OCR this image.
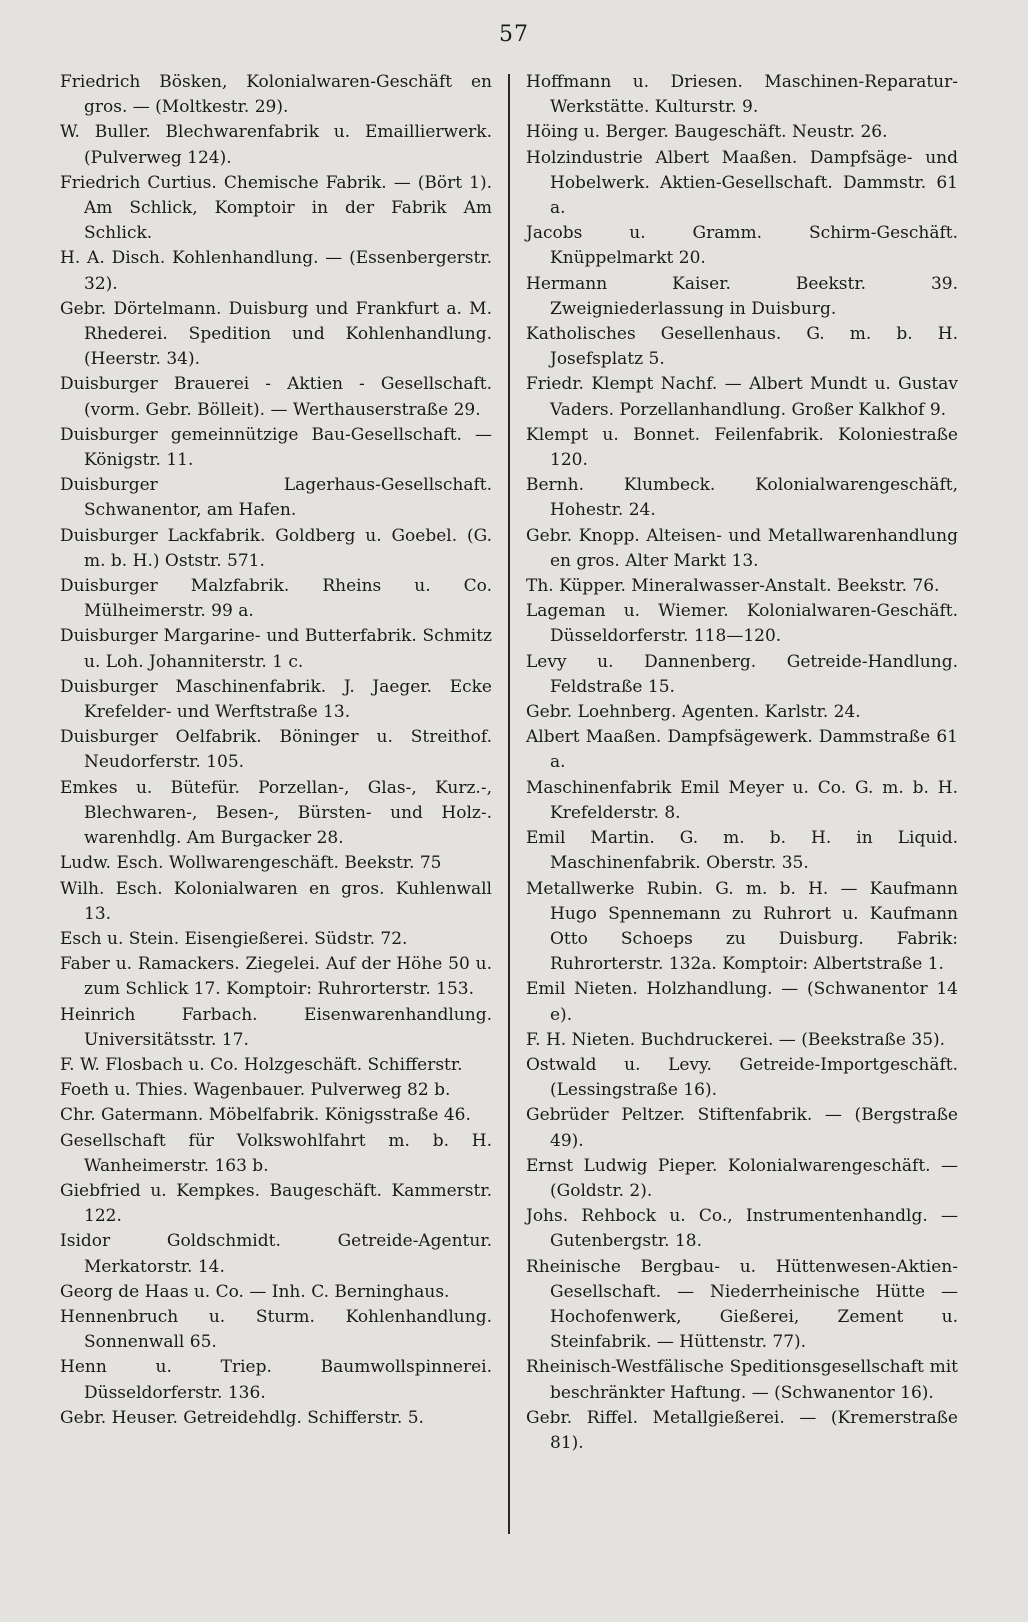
57

Friedrich Bösken, Kolonialwaren-Geschäft en gros. — (Moltkestr. 29).

W. Buller. Blechwarenfabrik u. Emaillierwerk. (Pulverweg 124).

Friedrich Curtius. Chemische Fabrik. — (Bört 1). Am Schlick, Komptoir in der Fabrik Am Schlick.

H. A. Disch. Kohlenhandlung. — (Essenbergerstr. 32).

Gebr. Dörtelmann. Duisburg und Frankfurt a. M. Rhederei. Spedition und Kohlenhandlung. (Heerstr. 34).

Duisburger Brauerei - Aktien - Gesellschaft. (vorm. Gebr. Bölleit). — Werthauserstraße 29.

Duisburger gemeinnützige Bau-Gesellschaft. — Königstr. 11.

Duisburger Lagerhaus-Gesellschaft. Schwanentor, am Hafen.

Duisburger Lackfabrik. Goldberg u. Goebel. (G. m. b. H.) Oststr. 571.

Duisburger Malzfabrik. Rheins u. Co. Mülheimerstr. 99 a.

Duisburger Margarine- und Butterfabrik. Schmitz u. Loh. Johanniterstr. 1 c.

Duisburger Maschinenfabrik. J. Jaeger. Ecke Krefelder- und Werftstraße 13.

Duisburger Oelfabrik. Böninger u. Streithof. Neudorferstr. 105.

Emkes u. Bütefür. Porzellan-, Glas-, Kurz.-, Blechwaren-, Besen-, Bürsten- und Holz-. warenhdlg. Am Burgacker 28.

Ludw. Esch. Wollwarengeschäft. Beekstr. 75

Wilh. Esch. Kolonialwaren en gros. Kuhlenwall 13.

Esch u. Stein. Eisengießerei. Südstr. 72.

Faber u. Ramackers. Ziegelei. Auf der Höhe 50 u. zum Schlick 17. Komptoir: Ruhrorterstr. 153.

Heinrich Farbach. Eisenwarenhandlung. Universitätsstr. 17.

F. W. Flosbach u. Co. Holzgeschäft. Schifferstr.

Foeth u. Thies. Wagenbauer. Pulverweg 82 b.

Chr. Gatermann. Möbelfabrik. Königsstraße 46.

Gesellschaft für Volkswohlfahrt m. b. H. Wanheimerstr. 163 b.

Giebfried u. Kempkes. Baugeschäft. Kammerstr. 122.

Isidor Goldschmidt. Getreide-Agentur. Merkatorstr. 14.

Georg de Haas u. Co. — Inh. C. Berninghaus.

Hennenbruch u. Sturm. Kohlenhandlung. Sonnenwall 65.

Henn u. Triep. Baumwollspinnerei. Düsseldorferstr. 136.

Gebr. Heuser. Getreidehdlg. Schifferstr. 5.

Hoffmann u. Driesen. Maschinen-Reparatur-Werkstätte. Kulturstr. 9.

Höing u. Berger. Baugeschäft. Neustr. 26.

Holzindustrie Albert Maaßen. Dampfsäge- und Hobelwerk. Aktien-Gesellschaft. Dammstr. 61 a.

Jacobs u. Gramm. Schirm-Geschäft. Knüppelmarkt 20.

Hermann Kaiser. Beekstr. 39. Zweigniederlassung in Duisburg.

Katholisches Gesellenhaus. G. m. b. H. Josefsplatz 5.

Friedr. Klempt Nachf. — Albert Mundt u. Gustav Vaders. Porzellanhandlung. Großer Kalkhof 9.

Klempt u. Bonnet. Feilenfabrik. Koloniestraße 120.

Bernh. Klumbeck. Kolonialwarengeschäft, Hohestr. 24.

Gebr. Knopp. Alteisen- und Metallwarenhandlung en gros. Alter Markt 13.

Th. Küpper. Mineralwasser-Anstalt. Beekstr. 76.

Lageman u. Wiemer. Kolonialwaren-Geschäft. Düsseldorferstr. 118—120.

Levy u. Dannenberg. Getreide-Handlung. Feldstraße 15.

Gebr. Loehnberg. Agenten. Karlstr. 24.

Albert Maaßen. Dampfsägewerk. Dammstraße 61 a.

Maschinenfabrik Emil Meyer u. Co. G. m. b. H. Krefelderstr. 8.

Emil Martin. G. m. b. H. in Liquid. Maschinenfabrik. Oberstr. 35.

Metallwerke Rubin. G. m. b. H. — Kaufmann Hugo Spennemann zu Ruhrort u. Kaufmann Otto Schoeps zu Duisburg. Fabrik: Ruhrorterstr. 132a. Komptoir: Albertstraße 1.

Emil Nieten. Holzhandlung. — (Schwanentor 14 e).

F. H. Nieten. Buchdruckerei. — (Beekstraße 35).

Ostwald u. Levy. Getreide-Importgeschäft. (Lessingstraße 16).

Gebrüder Peltzer. Stiftenfabrik. — (Bergstraße 49).

Ernst Ludwig Pieper. Kolonialwarengeschäft. — (Goldstr. 2).

Johs. Rehbock u. Co., Instrumentenhandlg. — Gutenbergstr. 18.

Rheinische Bergbau- u. Hüttenwesen-Aktien-Gesellschaft. — Niederrheinische Hütte — Hochofenwerk, Gießerei, Zement u. Steinfabrik. — Hüttenstr. 77).

Rheinisch-Westfälische Speditionsgesellschaft mit beschränkter Haftung. — (Schwanentor 16).

Gebr. Riffel. Metallgießerei. — (Kremerstraße 81).
